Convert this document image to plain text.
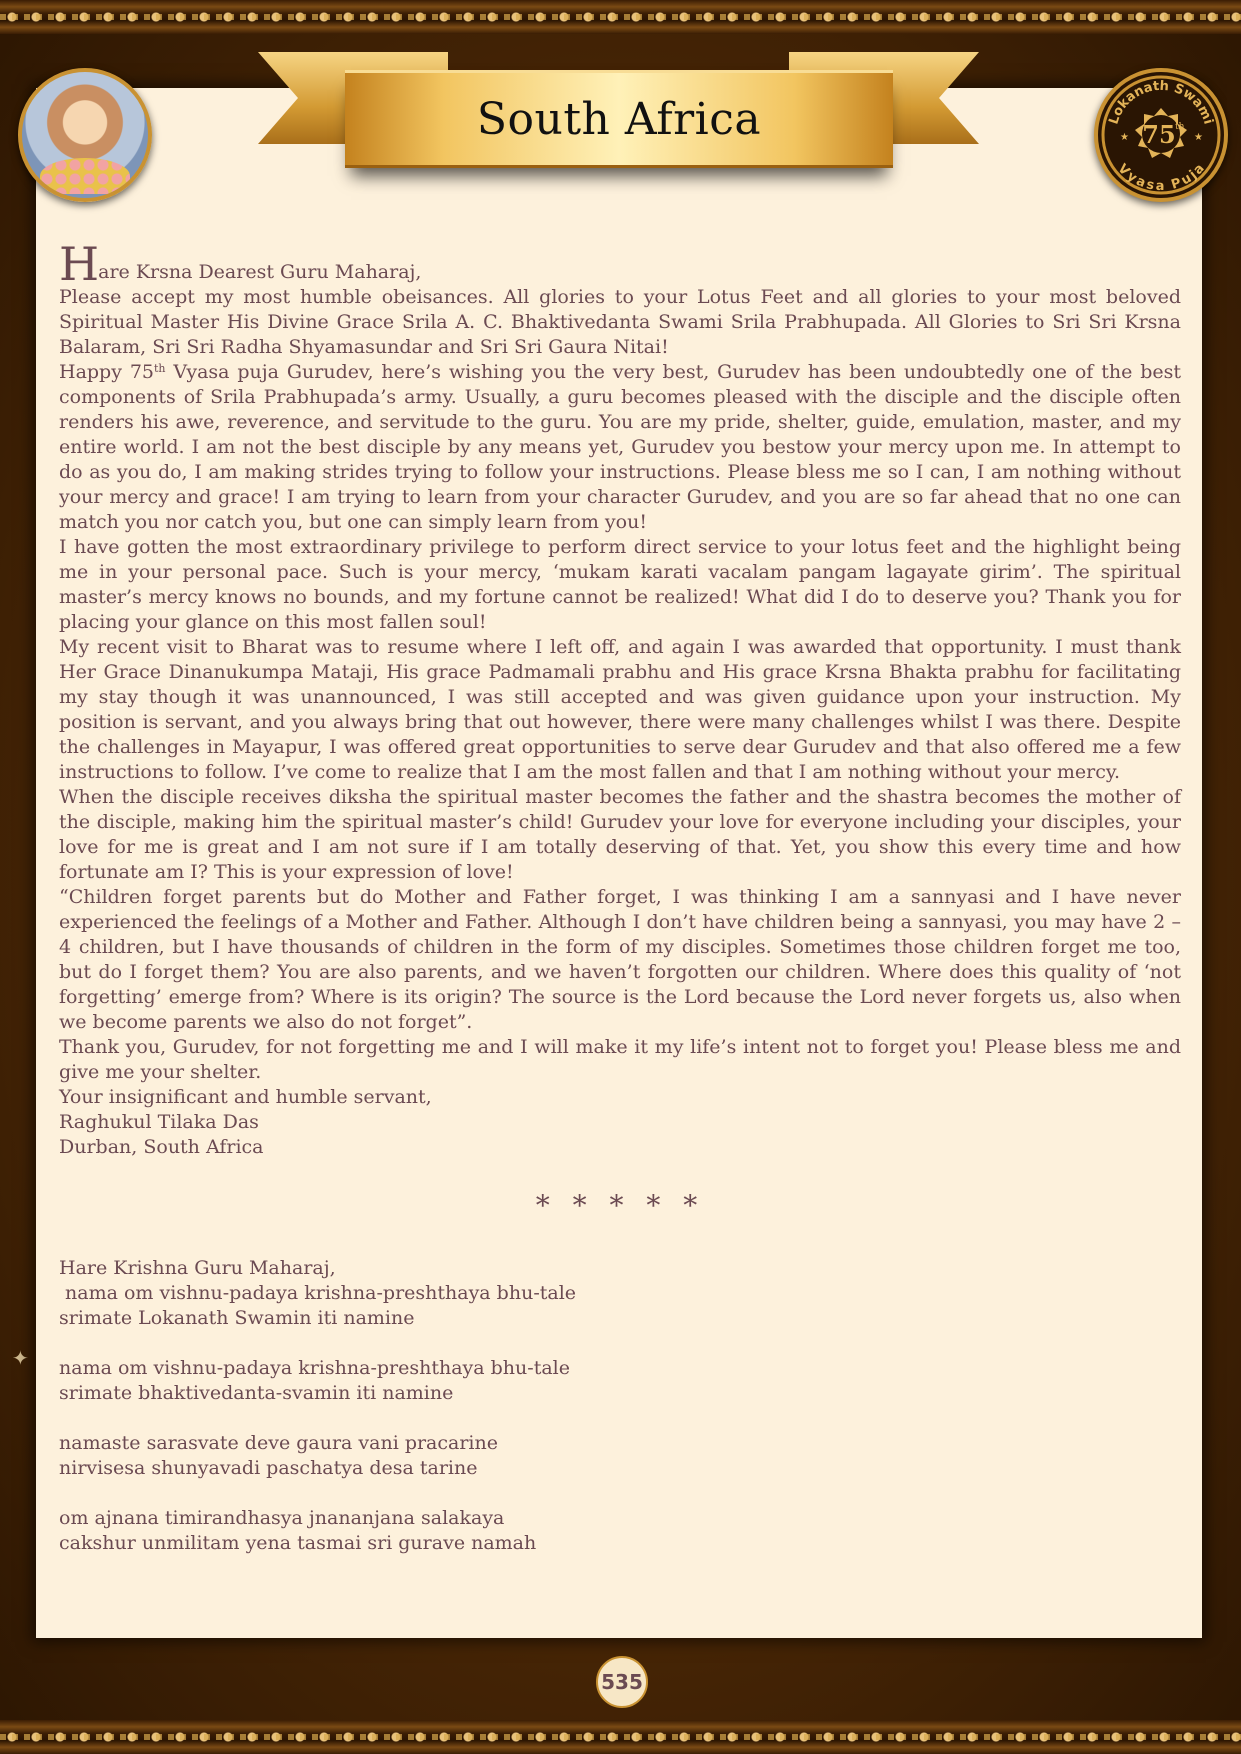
✦
South Africa	Lokanath Swami
Vyasa Puja
75 th
★	★

Hare Krsna Dearest Guru Maharaj,

Please accept my most humble obeisances. All glories to your Lotus Feet and all glories to your most beloved Spiritual Master His Divine Grace Srila A. C. Bhaktivedanta Swami Srila Prabhupada. All Glories to Sri Sri Krsna Balaram, Sri Sri Radha Shyamasundar and Sri Sri Gaura Nitai!

Happy 75th Vyasa puja Gurudev, here’s wishing you the very best, Gurudev has been undoubtedly one of the best components of Srila Prabhupada’s army. Usually, a guru becomes pleased with the disciple and the disciple often renders his awe, reverence, and servitude to the guru. You are my pride, shelter, guide, emulation, master, and my entire world. I am not the best disciple by any means yet, Gurudev you bestow your mercy upon me. In attempt to do as you do, I am making strides trying to follow your instructions. Please bless me so I can, I am nothing without your mercy and grace! I am trying to learn from your character Gurudev, and you are so far ahead that no one can match you nor catch you, but one can simply learn from you!

I have gotten the most extraordinary privilege to perform direct service to your lotus feet and the highlight being me in your personal pace. Such is your mercy, ‘mukam karati vacalam pangam lagayate girim’. The spiritual master’s mercy knows no bounds, and my fortune cannot be realized! What did I do to deserve you? Thank you for placing your glance on this most fallen soul!

My recent visit to Bharat was to resume where I left off, and again I was awarded that opportunity. I must thank Her Grace Dinanukumpa Mataji, His grace Padmamali prabhu and His grace Krsna Bhakta prabhu for facilitating my stay though it was unannounced, I was still accepted and was given guidance upon your instruction. My position is servant, and you always bring that out however, there were many challenges whilst I was there. Despite the challenges in Mayapur, I was offered great opportunities to serve dear Gurudev and that also offered me a few instructions to follow. I’ve come to realize that I am the most fallen and that I am nothing without your mercy.

When the disciple receives diksha the spiritual master becomes the father and the shastra becomes the mother of the disciple, making him the spiritual master’s child! Gurudev your love for everyone including your disciples, your love for me is great and I am not sure if I am totally deserving of that. Yet, you show this every time and how fortunate am I? This is your expression of love!

“Children forget parents but do Mother and Father forget, I was thinking I am a sannyasi and I have never experienced the feelings of a Mother and Father. Although I don’t have children being a sannyasi, you may have 2 – 4 children, but I have thousands of children in the form of my disciples. Sometimes those children forget me too, but do I forget them? You are also parents, and we haven’t forgotten our children. Where does this quality of ‘not forgetting’ emerge from? Where is its origin? The source is the Lord because the Lord never forgets us, also when we become parents we also do not forget”.

Thank you, Gurudev, for not forgetting me and I will make it my life’s intent not to forget you! Please bless me and give me your shelter.

Your insignificant and humble servant,

Raghukul Tilaka Das

Durban, South Africa

* * * * *

Hare Krishna Guru Maharaj,

nama om vishnu-padaya krishna-preshthaya bhu-tale

srimate Lokanath Swamin iti namine

nama om vishnu-padaya krishna-preshthaya bhu-tale

srimate bhaktivedanta-svamin iti namine

namaste sarasvate deve gaura vani pracarine

nirvisesa shunyavadi paschatya desa tarine

om ajnana timirandhasya jnananjana salakaya

cakshur unmilitam yena tasmai sri gurave namah

535
